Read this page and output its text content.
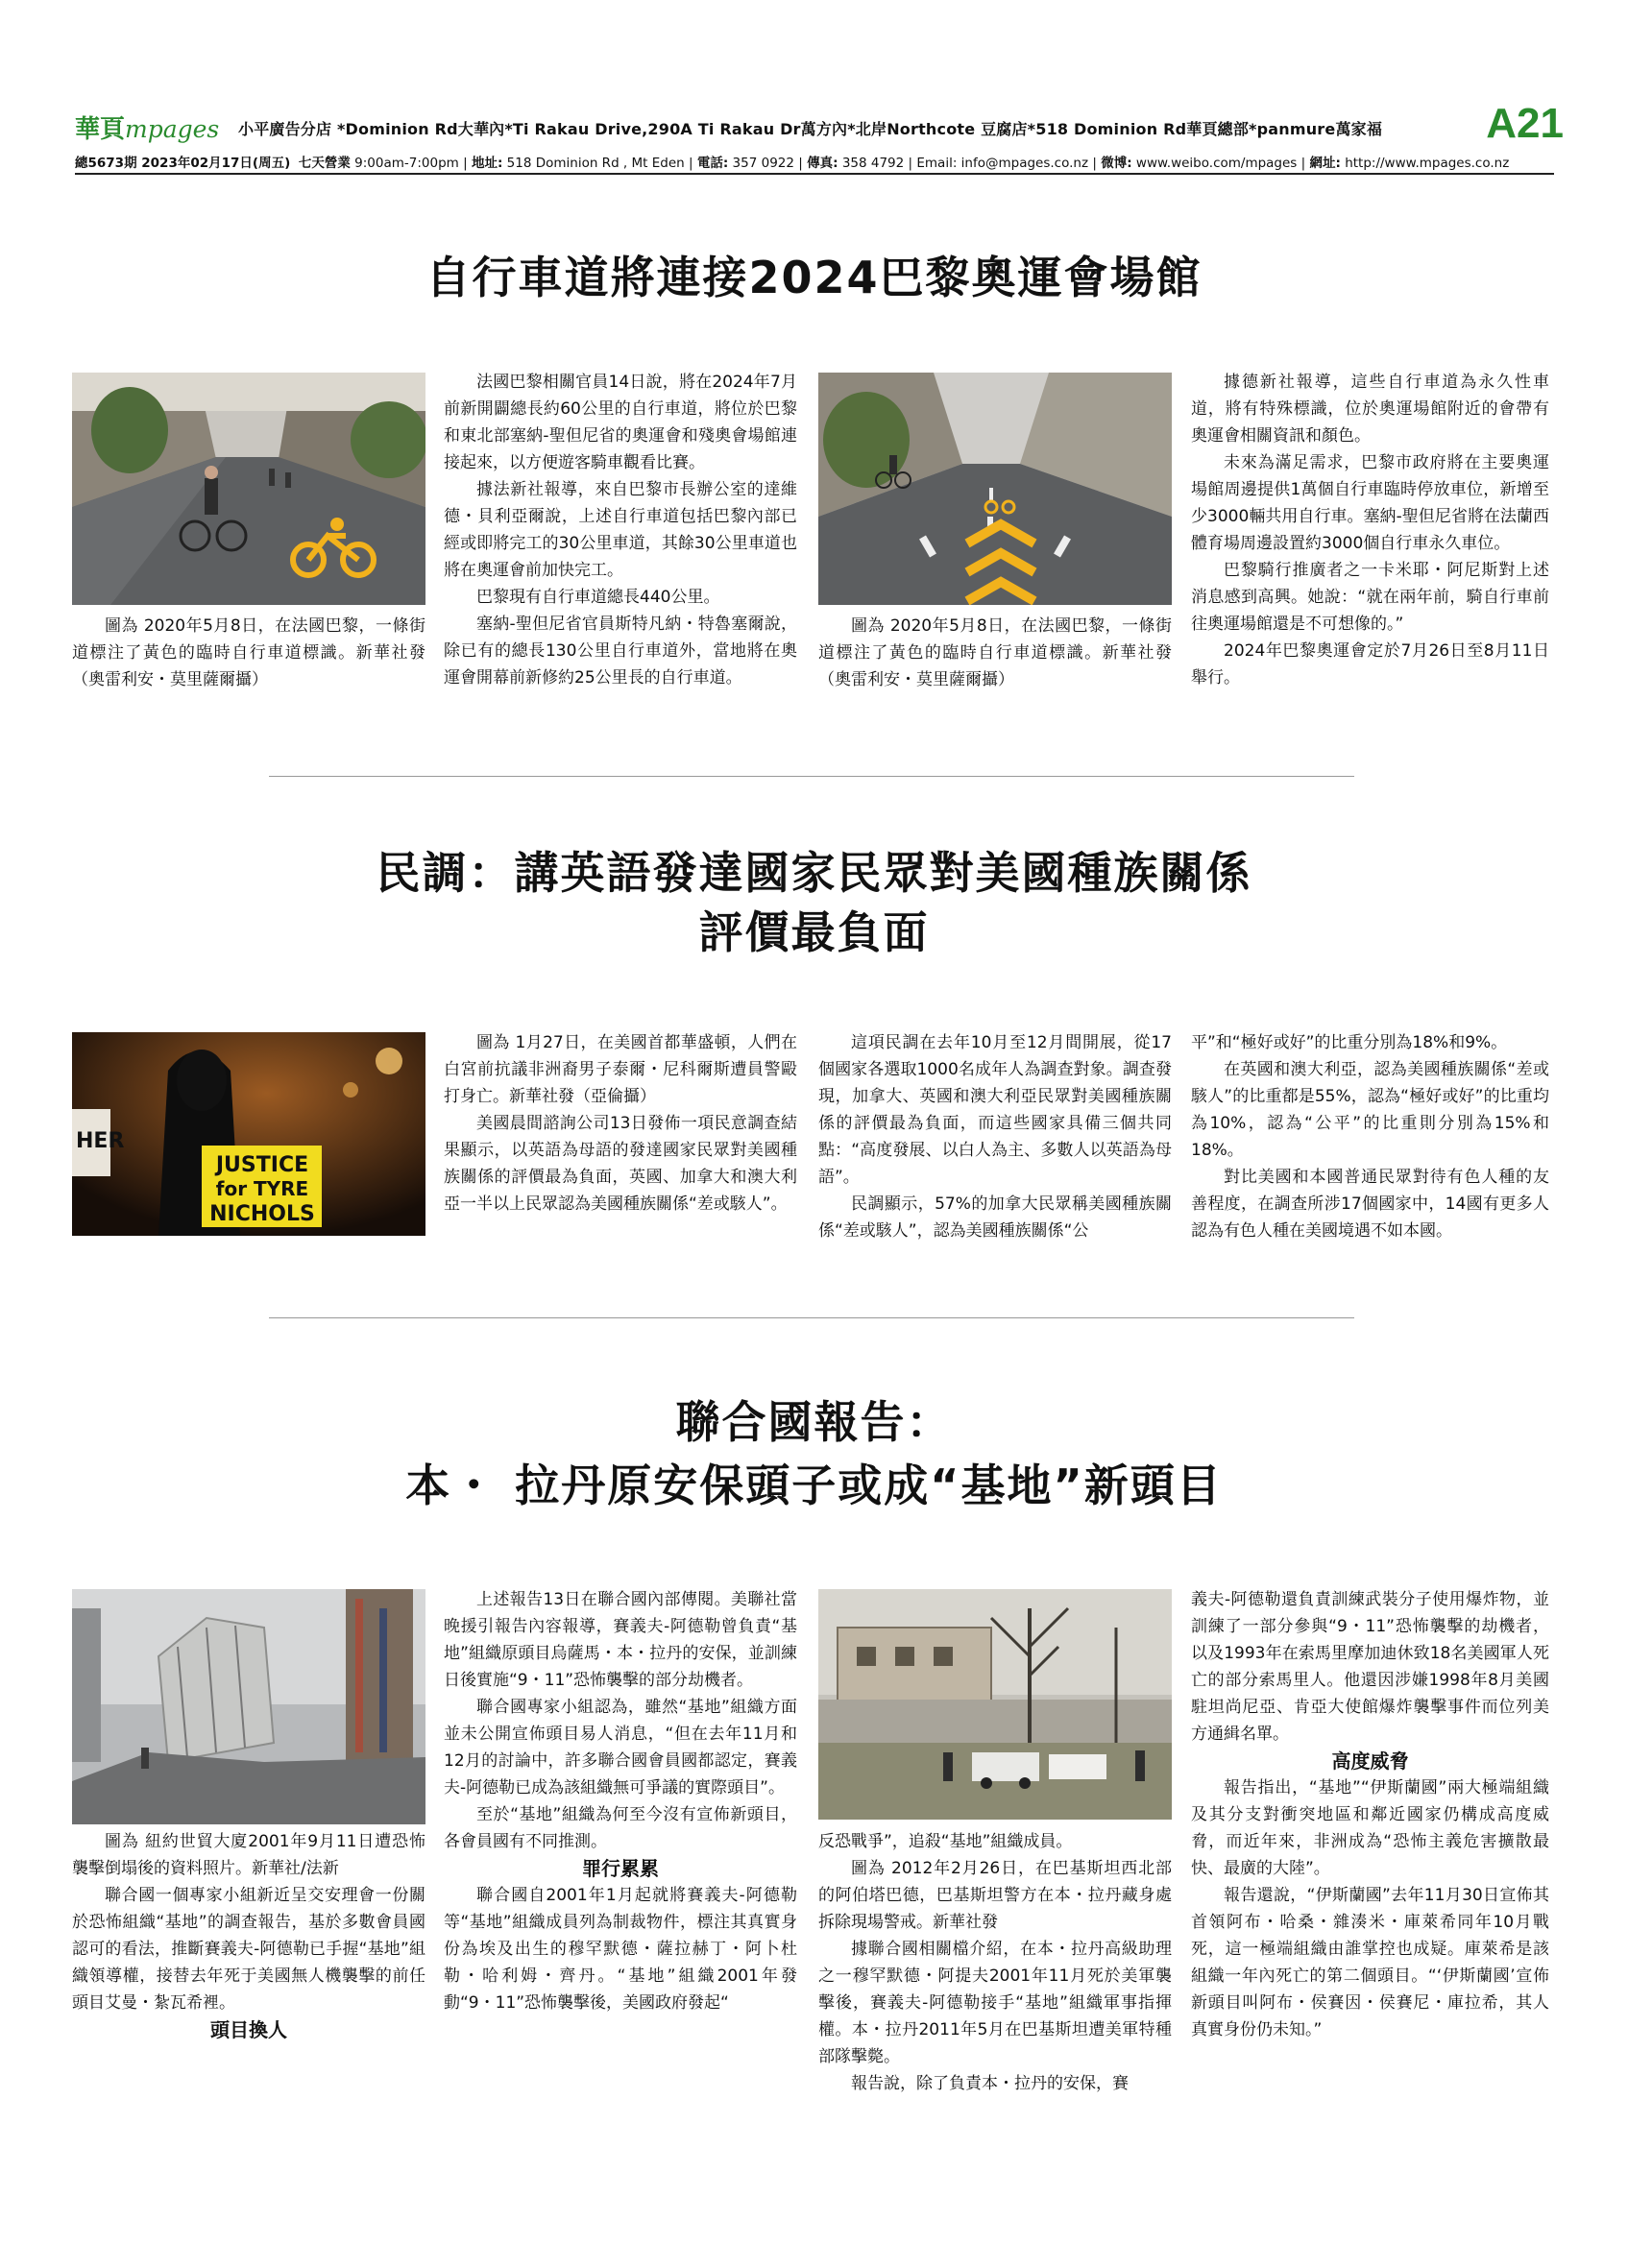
華頁mpages 小平廣告分店 *Dominion Rd大華內*Ti Rakau Drive,290A Ti Rakau Dr萬方內*北岸Northcote 豆腐店*518 Dominion Rd華頁總部*panmure萬家福 A21
總5673期 2023年02月17日(周五) 七天營業 9:00am-7:00pm | 地址: 518 Dominion Rd , Mt Eden | 電話: 357 0922 | 傳真: 358 4792 | Email: info@mpages.co.nz | 微博: www.weibo.com/mpages | 網址: http://www.mpages.co.nz
自行車道將連接2024巴黎奧運會場館

圖為 2020年5月8日，在法國巴黎，一條街道標注了黃色的臨時自行車道標識。新華社發（奧雷利安・莫里薩爾攝）

法國巴黎相關官員14日說，將在2024年7月前新開闢總長約60公里的自行車道，將位於巴黎和東北部塞納-聖但尼省的奧運會和殘奧會場館連接起來，以方便遊客騎車觀看比賽。

據法新社報導，來自巴黎市長辦公室的達維德・貝利亞爾說，上述自行車道包括巴黎內部已經或即將完工的30公里車道，其餘30公里車道也將在奧運會前加快完工。

巴黎現有自行車道總長440公里。

塞納-聖但尼省官員斯特凡納・特魯塞爾說，除已有的總長130公里自行車道外，當地將在奧運會開幕前新修約25公里長的自行車道。

圖為 2020年5月8日，在法國巴黎，一條街道標注了黃色的臨時自行車道標識。新華社發（奧雷利安・莫里薩爾攝）

據德新社報導，這些自行車道為永久性車道，將有特殊標識，位於奧運場館附近的會帶有奧運會相關資訊和顏色。

未來為滿足需求，巴黎市政府將在主要奧運場館周邊提供1萬個自行車臨時停放車位，新增至少3000輛共用自行車。塞納-聖但尼省將在法蘭西體育場周邊設置約3000個自行車永久車位。

巴黎騎行推廣者之一卡米耶・阿尼斯對上述消息感到高興。她說：“就在兩年前，騎自行車前往奧運場館還是不可想像的。”

2024年巴黎奧運會定於7月26日至8月11日舉行。

民調：講英語發達國家民眾對美國種族關係
評價最負面
JUSTICE
for TYRE
NICHOLS
HER

圖為 1月27日，在美國首都華盛頓，人們在白宮前抗議非洲裔男子泰爾・尼科爾斯遭員警毆打身亡。新華社發（亞倫攝）

美國晨間諮詢公司13日發佈一項民意調查結果顯示，以英語為母語的發達國家民眾對美國種族關係的評價最為負面，英國、加拿大和澳大利亞一半以上民眾認為美國種族關係“差或駭人”。

這項民調在去年10月至12月間開展，從17個國家各選取1000名成年人為調查對象。調查發現，加拿大、英國和澳大利亞民眾對美國種族關係的評價最為負面，而這些國家具備三個共同點：“高度發展、以白人為主、多數人以英語為母語”。

民調顯示，57%的加拿大民眾稱美國種族關係“差或駭人”，認為美國種族關係“公

平”和“極好或好”的比重分別為18%和9%。

在英國和澳大利亞，認為美國種族關係“差或駭人”的比重都是55%，認為“極好或好”的比重均為10%，認為“公平”的比重則分別為15%和18%。

對比美國和本國普通民眾對待有色人種的友善程度，在調查所涉17個國家中，14國有更多人認為有色人種在美國境遇不如本國。

聯合國報告：
本・ 拉丹原安保頭子或成“基地”新頭目

圖為 紐約世貿大廈2001年9月11日遭恐怖襲擊倒塌後的資料照片。新華社/法新

聯合國一個專家小組新近呈交安理會一份關於恐怖組織“基地”的調查報告，基於多數會員國認可的看法，推斷賽義夫-阿德勒已手握“基地”組織領導權，接替去年死于美國無人機襲擊的前任頭目艾曼・紮瓦希裡。

頭目換人

上述報告13日在聯合國內部傳閱。美聯社當晚援引報告內容報導，賽義夫-阿德勒曾負責“基地”組織原頭目烏薩馬・本・拉丹的安保，並訓練日後實施“9・11”恐怖襲擊的部分劫機者。

聯合國專家小組認為，雖然“基地”組織方面並未公開宣佈頭目易人消息，“但在去年11月和12月的討論中，許多聯合國會員國都認定，賽義夫-阿德勒已成為該組織無可爭議的實際頭目”。

至於“基地”組織為何至今沒有宣佈新頭目，各會員國有不同推測。

罪行累累

聯合國自2001年1月起就將賽義夫-阿德勒等“基地”組織成員列為制裁物件，標注其真實身份為埃及出生的穆罕默德・薩拉赫丁・阿卜杜勒・哈利姆・齊丹。“基地”組織2001年發動“9・11”恐怖襲擊後，美國政府發起“

反恐戰爭”，追殺“基地”組織成員。

圖為 2012年2月26日，在巴基斯坦西北部的阿伯塔巴德，巴基斯坦警方在本・拉丹藏身處拆除現場警戒。新華社發

據聯合國相關檔介紹，在本・拉丹高級助理之一穆罕默德・阿提夫2001年11月死於美軍襲擊後，賽義夫-阿德勒接手“基地”組織軍事指揮權。本・拉丹2011年5月在巴基斯坦遭美軍特種部隊擊斃。

報告說，除了負責本・拉丹的安保，賽

義夫-阿德勒還負責訓練武裝分子使用爆炸物，並訓練了一部分參與“9・11”恐怖襲擊的劫機者，以及1993年在索馬里摩加迪休致18名美國軍人死亡的部分索馬里人。他還因涉嫌1998年8月美國駐坦尚尼亞、肯亞大使館爆炸襲擊事件而位列美方通緝名單。

高度威脅

報告指出，“基地”“伊斯蘭國”兩大極端組織及其分支對衝突地區和鄰近國家仍構成高度威脅，而近年來，非洲成為“恐怖主義危害擴散最快、最廣的大陸”。

報告還說，“伊斯蘭國”去年11月30日宣佈其首領阿布・哈桑・雜湊米・庫萊希同年10月戰死，這一極端組織由誰掌控也成疑。庫萊希是該組織一年內死亡的第二個頭目。“‘伊斯蘭國’宣佈新頭目叫阿布・侯賽因・侯賽尼・庫拉希，其人真實身份仍未知。”
